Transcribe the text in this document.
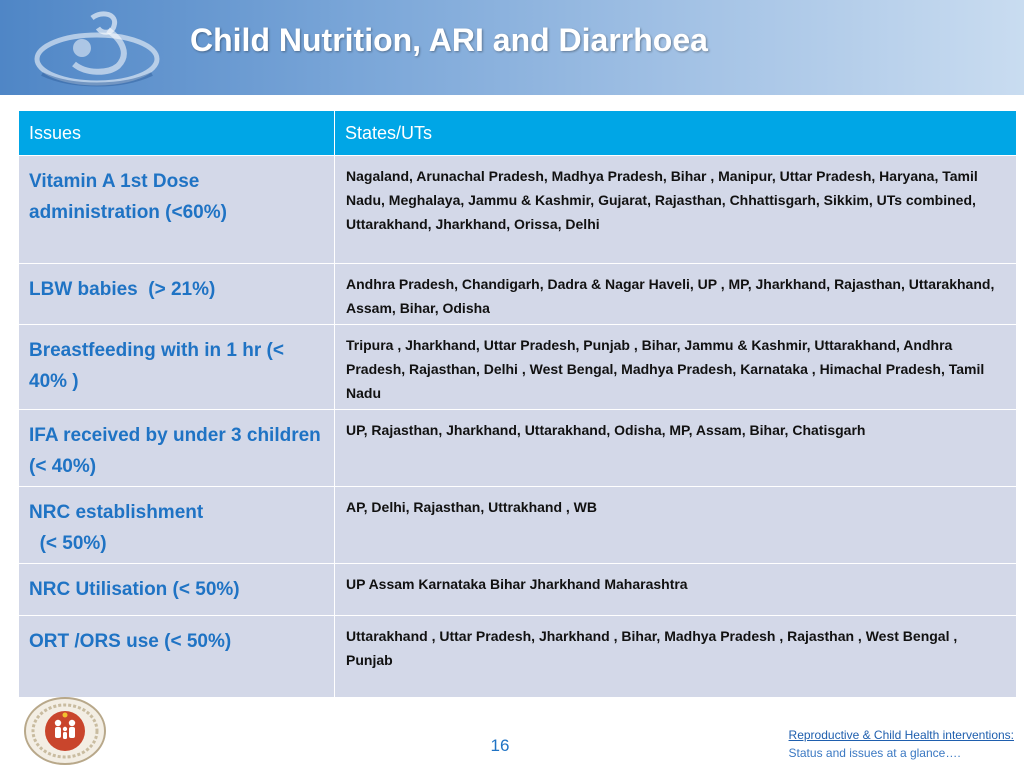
Child Nutrition, ARI and Diarrhoea
Issues	States/UTs
Vitamin A 1st Dose administration (<60%)	Nagaland, Arunachal Pradesh, Madhya Pradesh, Bihar , Manipur, Uttar Pradesh, Haryana, Tamil Nadu, Meghalaya, Jammu & Kashmir, Gujarat, Rajasthan, Chhattisgarh, Sikkim, UTs combined, Uttarakhand, Jharkhand, Orissa, Delhi
LBW babies  (> 21%)	Andhra Pradesh, Chandigarh, Dadra & Nagar Haveli, UP , MP, Jharkhand, Rajasthan, Uttarakhand, Assam, Bihar, Odisha
Breastfeeding with in 1 hr (< 40% )	Tripura , Jharkhand, Uttar Pradesh, Punjab , Bihar, Jammu & Kashmir, Uttarakhand, Andhra Pradesh, Rajasthan, Delhi , West Bengal, Madhya Pradesh, Karnataka , Himachal Pradesh, Tamil Nadu
IFA received by under 3 children (< 40%)	UP, Rajasthan, Jharkhand, Uttarakhand, Odisha, MP, Assam, Bihar, Chatisgarh
NRC establishment
(< 50%)	AP, Delhi, Rajasthan, Uttrakhand , WB
NRC Utilisation (< 50%)	UP Assam Karnataka Bihar Jharkhand Maharashtra
ORT /ORS use (< 50%)	Uttarakhand , Uttar Pradesh, Jharkhand , Bihar, Madhya Pradesh , Rajasthan , West Bengal , Punjab
16
Reproductive & Child Health interventions:
Status and issues at a glance….
